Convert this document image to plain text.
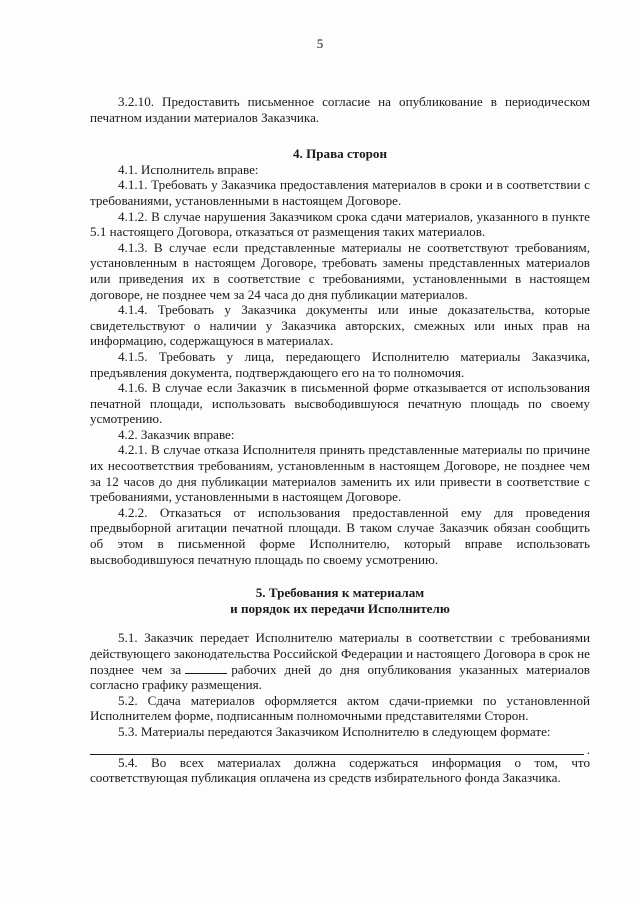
5

3.2.10. Предоставить письменное согласие на опубликование в периодическом печатном издании материалов Заказчика.

4. Права сторон

4.1. Исполнитель вправе:

4.1.1. Требовать у Заказчика предоставления материалов в сроки и в соответствии с требованиями, установленными в настоящем Договоре.

4.1.2. В случае нарушения Заказчиком срока сдачи материалов, указанного в пункте 5.1 настоящего Договора, отказаться от размещения таких материалов.

4.1.3. В случае если представленные материалы не соответствуют требованиям, установленным в настоящем Договоре, требовать замены представленных материалов или приведения их в соответствие с требованиями, установленными в настоящем договоре, не позднее чем за 24 часа до дня публикации материалов.

4.1.4. Требовать у Заказчика документы или иные доказательства, которые свидетельствуют о наличии у Заказчика авторских, смежных или иных прав на информацию, содержащуюся в материалах.

4.1.5. Требовать у лица, передающего Исполнителю материалы Заказчика, предъявления документа, подтверждающего его на то полномочия.

4.1.6. В случае если Заказчик в письменной форме отказывается от использования печатной площади, использовать высвободившуюся печатную площадь по своему усмотрению.

4.2. Заказчик вправе:

4.2.1. В случае отказа Исполнителя принять представленные материалы по причине их несоответствия требованиям, установленным в настоящем Договоре, не позднее чем за 12 часов до дня публикации материалов заменить их или привести в соответствие с требованиями, установленными в настоящем Договоре.

4.2.2. Отказаться от использования предоставленной ему для проведения предвыборной агитации печатной площади. В таком случае Заказчик обязан сообщить об этом в письменной форме Исполнителю, который вправе использовать высвободившуюся печатную площадь по своему усмотрению.

5. Требования к материалам

и порядок их передачи Исполнителю

5.1. Заказчик передает Исполнителю материалы в соответствии с требованиями действующего законодательства Российской Федерации и настоящего Договора в срок не позднее чем за	рабочих дней до дня опубликования указанных материалов согласно графику размещения.

5.2. Сдача материалов оформляется актом сдачи-приемки по установленной Исполнителем форме, подписанным полномочными представителями Сторон.

5.3. Материалы передаются Заказчиком Исполнителю в следующем формате:

.

5.4. Во всех материалах должна содержаться информация о том, что соответствующая публикация оплачена из средств избирательного фонда Заказчика.
